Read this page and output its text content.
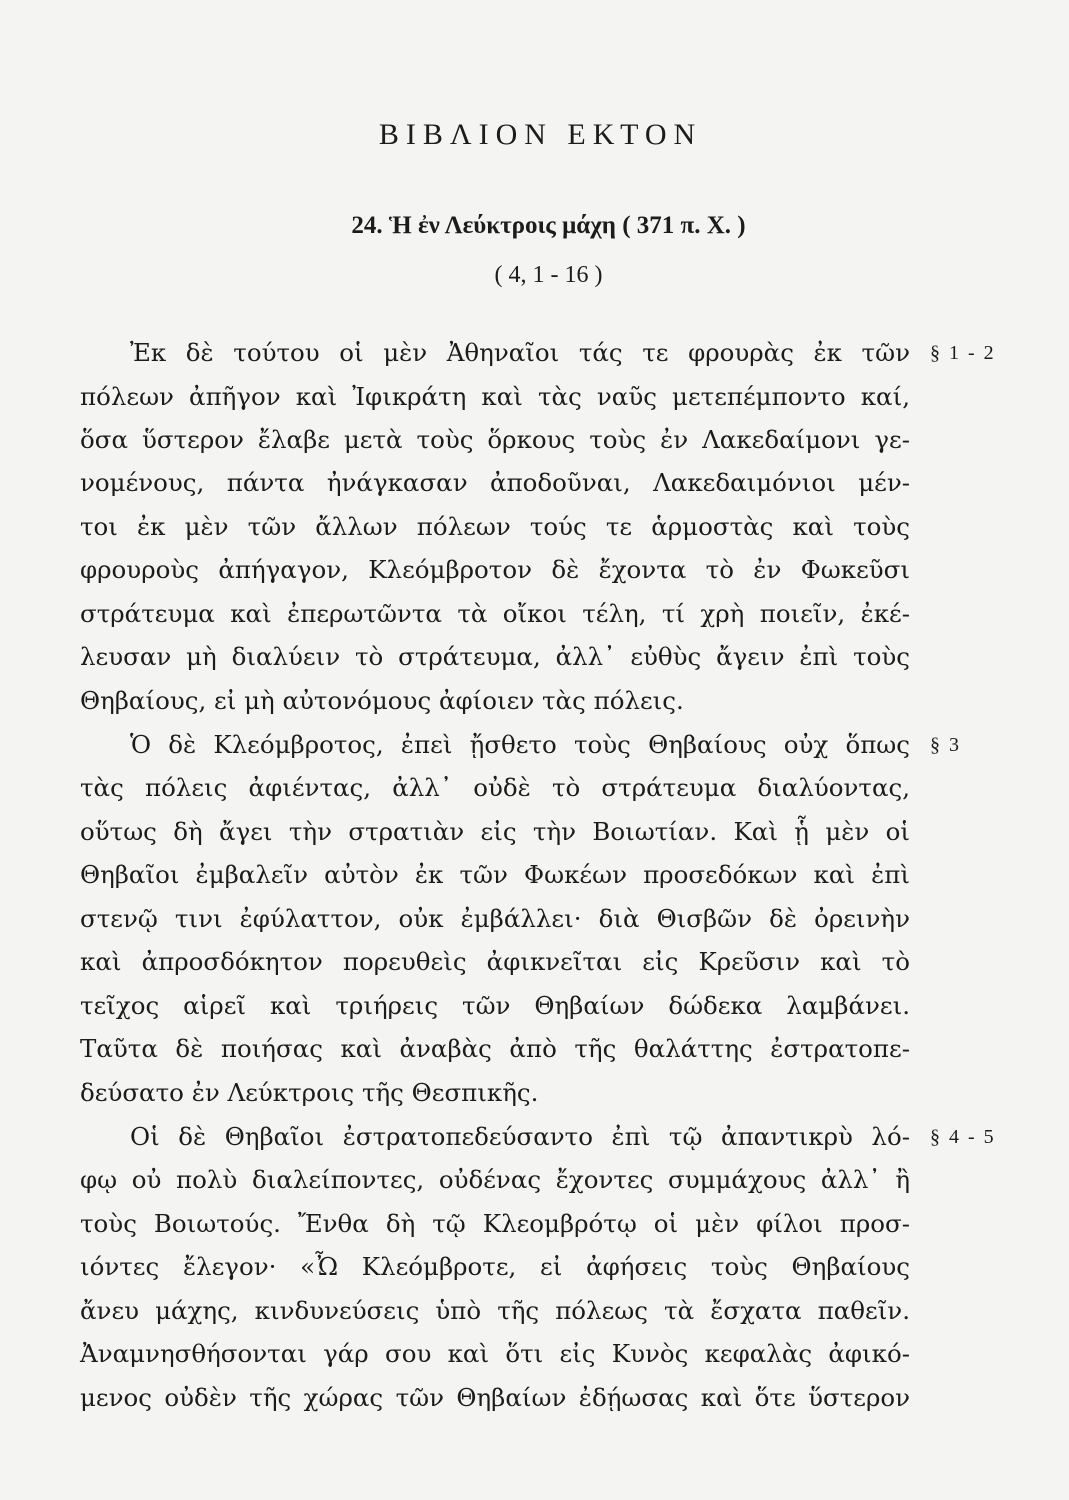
ΒΙΒΛΙΟΝ ΕΚΤΟΝ
24. Ἡ ἐν Λεύκτροις μάχη ( 371 π. Χ. )
( 4, 1 - 16 )
Ἐκ δὲ τούτου οἱ μὲν Ἀθηναῖοι τάς τε φρουρὰς ἐκ τῶν
πόλεων ἀπῆγον καὶ Ἰφικράτη καὶ τὰς ναῦς μετεπέμποντο καί,
ὅσα ὕστερον ἔλαβε μετὰ τοὺς ὅρκους τοὺς ἐν Λακεδαίμονι γε-
νομένους, πάντα ἠνάγκασαν ἀποδοῦναι, Λακεδαιμόνιοι μέν-
τοι ἐκ μὲν τῶν ἄλλων πόλεων τούς τε ἁρμοστὰς καὶ τοὺς
φρουροὺς ἀπήγαγον, Κλεόμβροτον δὲ ἔχοντα τὸ ἐν Φωκεῦσι
στράτευμα καὶ ἐπερωτῶντα τὰ οἴκοι τέλη, τί χρὴ ποιεῖν, ἐκέ-
λευσαν μὴ διαλύειν τὸ στράτευμα, ἀλλ᾽ εὐθὺς ἄγειν ἐπὶ τοὺς
Θηβαίους, εἰ μὴ αὐτονόμους ἀφίοιεν τὰς πόλεις.
Ὁ δὲ Κλεόμβροτος, ἐπεὶ ᾔσθετο τοὺς Θηβαίους οὐχ ὅπως
τὰς πόλεις ἀφιέντας, ἀλλ᾽ οὐδὲ τὸ στράτευμα διαλύοντας,
οὕτως δὴ ἄγει τὴν στρατιὰν εἰς τὴν Βοιωτίαν. Καὶ ᾗ μὲν οἱ
Θηβαῖοι ἐμβαλεῖν αὐτὸν ἐκ τῶν Φωκέων προσεδόκων καὶ ἐπὶ
στενῷ τινι ἐφύλαττον, οὐκ ἐμβάλλει· διὰ Θισβῶν δὲ ὀρεινὴν
καὶ ἀπροσδόκητον πορευθεὶς ἀφικνεῖται εἰς Κρεῦσιν καὶ τὸ
τεῖχος αἱρεῖ καὶ τριήρεις τῶν Θηβαίων δώδεκα λαμβάνει.
Ταῦτα δὲ ποιήσας καὶ ἀναβὰς ἀπὸ τῆς θαλάττης ἐστρατοπε-
δεύσατο ἐν Λεύκτροις τῆς Θεσπικῆς.
Οἱ δὲ Θηβαῖοι ἐστρατοπεδεύσαντο ἐπὶ τῷ ἀπαντικρὺ λό-
φῳ οὐ πολὺ διαλείποντες, οὐδένας ἔχοντες συμμάχους ἀλλ᾽ ἢ
τοὺς Βοιωτούς. Ἔνθα δὴ τῷ Κλεομβρότῳ οἱ μὲν φίλοι προσ-
ιόντες ἔλεγον· «Ὦ Κλεόμβροτε, εἰ ἀφήσεις τοὺς Θηβαίους
ἄνευ μάχης, κινδυνεύσεις ὑπὸ τῆς πόλεως τὰ ἔσχατα παθεῖν.
Ἀναμνησθήσονται γάρ σου καὶ ὅτι εἰς Κυνὸς κεφαλὰς ἀφικό-
μενος οὐδὲν τῆς χώρας τῶν Θηβαίων ἐδῄωσας καὶ ὅτε ὕστερον
§ 1 - 2
§ 3
§ 4 - 5
